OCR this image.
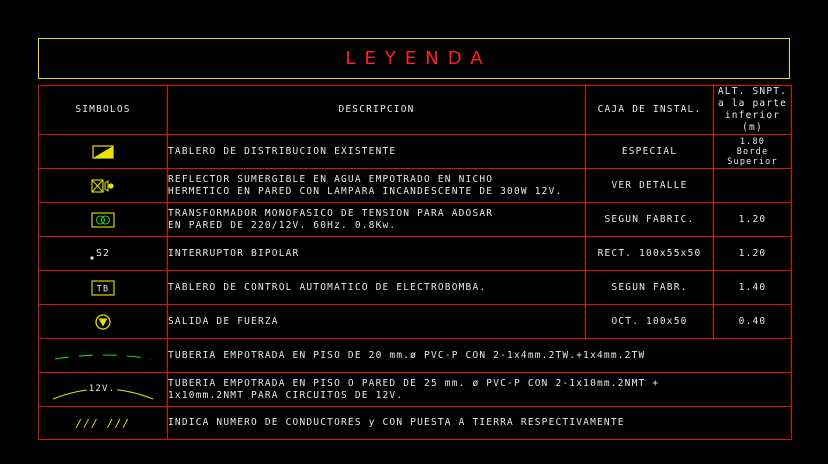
LEYENDA
SIMBOLOS	DESCRIPCION	CAJA DE INSTAL.	ALT. SNPT.
a la parte
inferior (m)
	TABLERO DE DISTRIBUCION EXISTENTE	ESPECIAL	1.80
Borde
Superior
	REFLECTOR SUMERGIBLE EN AGUA EMPOTRADO EN NICHO
HERMETICO EN PARED CON LAMPARA INCANDESCENTE DE 300W 12V.	VER DETALLE	
	TRANSFORMADOR MONOFASICO DE TENSION PARA ADOSAR
EN PARED DE 220/12V. 60Hz. 0.8Kw.	SEGUN FABRIC.	1.20

S2	INTERRUPTOR BIPOLAR	RECT. 100x55x50	1.20

TB	TABLERO DE CONTROL AUTOMATICO DE ELECTROBOMBA.	SEGUN FABR.	1.40
	SALIDA DE FUERZA	OCT. 100x50	0.40
	TUBERIA EMPOTRADA EN PISO DE 20 mm.ø PVC-P CON 2-1x4mm.2TW.+1x4mm.2TW		

12V.	TUBERIA EMPOTRADA EN PISO O PARED DE 25 mm. ø PVC-P CON 2-1x10mm.2NMT +
1x10mm.2NMT PARA CIRCUITOS DE 12V.		

/// ///	INDICA NUMERO DE CONDUCTORES y CON PUESTA A TIERRA RESPECTIVAMENTE		
